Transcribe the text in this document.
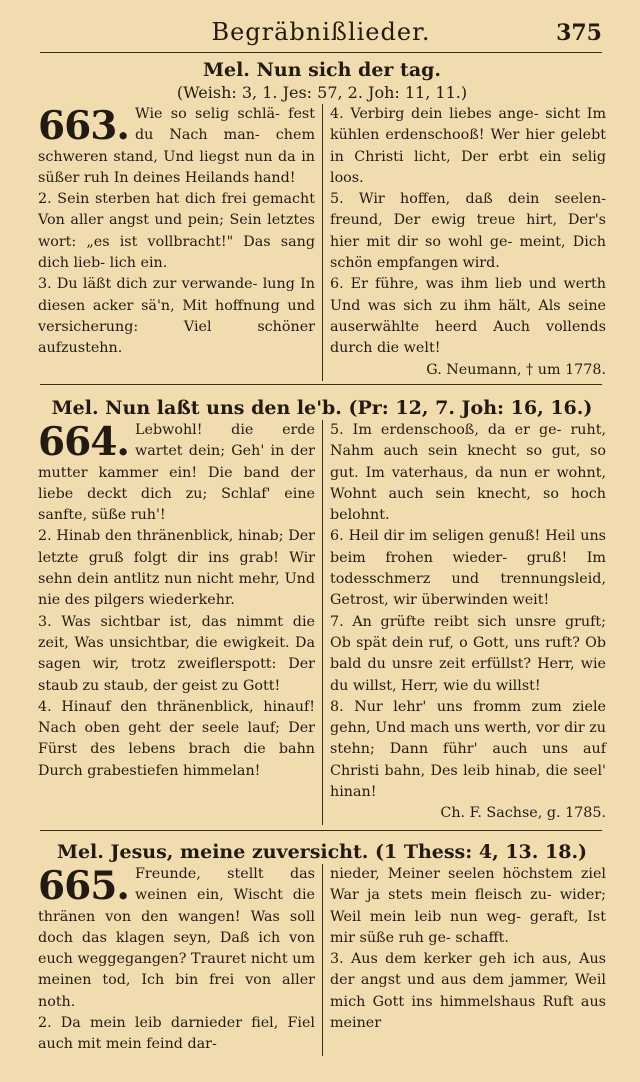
Begräbnißlieder.	375
Mel. Nun sich der tag.
(Weish: 3, 1. Jes: 57, 2. Joh: 11, 11.)

663. Wie so selig schlä- fest du Nach man- chem schweren stand, Und liegst nun da in süßer ruh In deines Heilands hand!

2. Sein sterben hat dich frei gemacht Von aller angst und pein; Sein letztes wort: „es ist vollbracht!" Das sang dich lieb- lich ein.

3. Du läßt dich zur verwande- lung In diesen acker sä'n, Mit hoffnung und versicherung: Viel schöner aufzustehn.

4. Verbirg dein liebes ange- sicht Im kühlen erdenschooß! Wer hier gelebt in Christi licht, Der erbt ein selig loos.

5. Wir hoffen, daß dein seelen- freund, Der ewig treue hirt, Der's hier mit dir so wohl ge- meint, Dich schön empfangen wird.

6. Er führe, was ihm lieb und werth Und was sich zu ihm hält, Als seine auserwählte heerd Auch vollends durch die welt!

G. Neumann, † um 1778.

Mel. Nun laßt uns den le'b. (Pr: 12, 7. Joh: 16, 16.)

664. Lebwohl! die erde wartet dein; Geh' in der mutter kammer ein! Die band der liebe deckt dich zu; Schlaf' eine sanfte, süße ruh'!

2. Hinab den thränenblick, hinab; Der letzte gruß folgt dir ins grab! Wir sehn dein antlitz nun nicht mehr, Und nie des pilgers wiederkehr.

3. Was sichtbar ist, das nimmt die zeit, Was unsichtbar, die ewigkeit. Da sagen wir, trotz zweiflerspott: Der staub zu staub, der geist zu Gott!

4. Hinauf den thränenblick, hinauf! Nach oben geht der seele lauf; Der Fürst des lebens brach die bahn Durch grabestiefen himmelan!

5. Im erdenschooß, da er ge- ruht, Nahm auch sein knecht so gut, so gut. Im vaterhaus, da nun er wohnt, Wohnt auch sein knecht, so hoch belohnt.

6. Heil dir im seligen genuß! Heil uns beim frohen wieder- gruß! Im todesschmerz und trennungsleid, Getrost, wir überwinden weit!

7. An grüfte reibt sich unsre gruft; Ob spät dein ruf, o Gott, uns ruft? Ob bald du unsre zeit erfüllst? Herr, wie du willst, Herr, wie du willst!

8. Nur lehr' uns fromm zum ziele gehn, Und mach uns werth, vor dir zu stehn; Dann führ' auch uns auf Christi bahn, Des leib hinab, die seel' hinan!

Ch. F. Sachse, g. 1785.

Mel. Jesus, meine zuversicht. (1 Thess: 4, 13. 18.)

665. Freunde, stellt das weinen ein, Wischt die thränen von den wangen! Was soll doch das klagen seyn, Daß ich von euch weggegangen? Trauret nicht um meinen tod, Ich bin frei von aller noth.

2. Da mein leib darnieder fiel, Fiel auch mit mein feind dar-

nieder, Meiner seelen höchstem ziel War ja stets mein fleisch zu- wider; Weil mein leib nun weg- geraft, Ist mir süße ruh ge- schafft.

3. Aus dem kerker geh ich aus, Aus der angst und aus dem jammer, Weil mich Gott ins himmelshaus Ruft aus meiner
